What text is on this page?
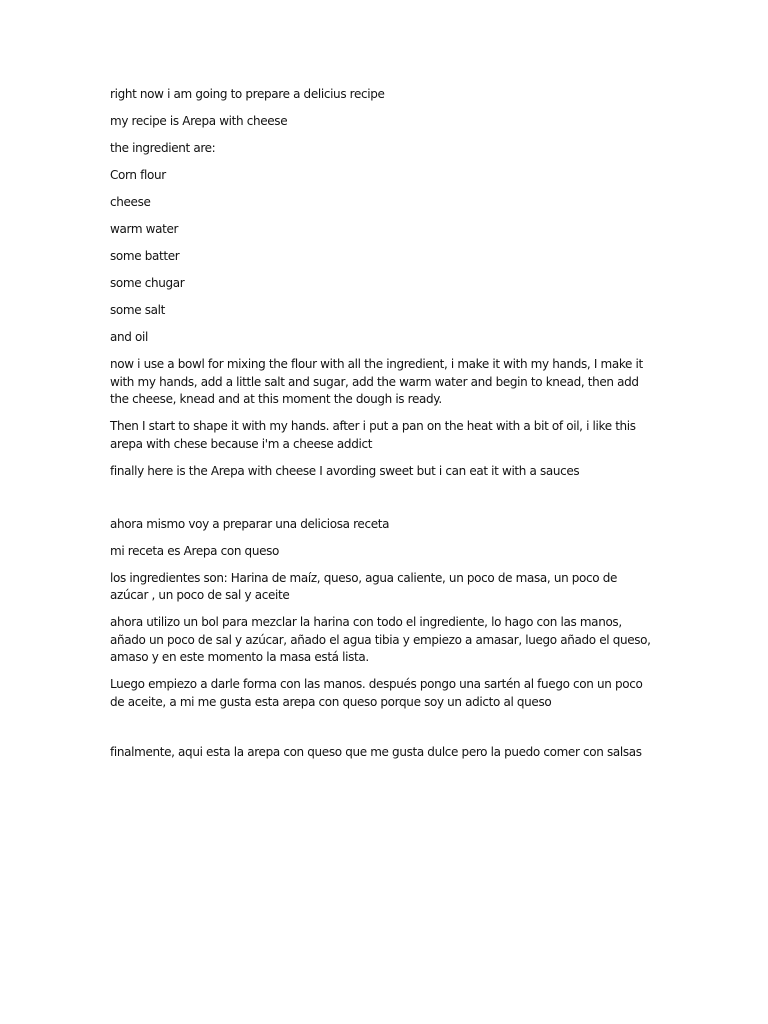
right now i am going to prepare a delicius recipe

my recipe is Arepa with cheese

the ingredient are:

Corn flour

cheese

warm water

some batter

some chugar

some salt

and oil

now i use a bowl for mixing the flour with all the ingredient, i make it with my hands, I make it with my hands, add a little salt and sugar, add the warm water and begin to knead, then add the cheese, knead and at this moment the dough is ready.

Then I start to shape it with my hands. after i put a pan on the heat with a bit of oil, i like this arepa with chese because i'm a cheese addict

finally here is the Arepa with cheese I avording sweet but i can eat it with a sauces

ahora mismo voy a preparar una deliciosa receta

mi receta es Arepa con queso

los ingredientes son: Harina de maíz, queso, agua caliente, un poco de masa, un poco de azúcar , un poco de sal y aceite

ahora utilizo un bol para mezclar la harina con todo el ingrediente, lo hago con las manos, añado un poco de sal y azúcar, añado el agua tibia y empiezo a amasar, luego añado el queso, amaso y en este momento la masa está lista.

Luego empiezo a darle forma con las manos. después pongo una sartén al fuego con un poco de aceite, a mi me gusta esta arepa con queso porque soy un adicto al queso

finalmente, aqui esta la arepa con queso que me gusta dulce pero la puedo comer con salsas
